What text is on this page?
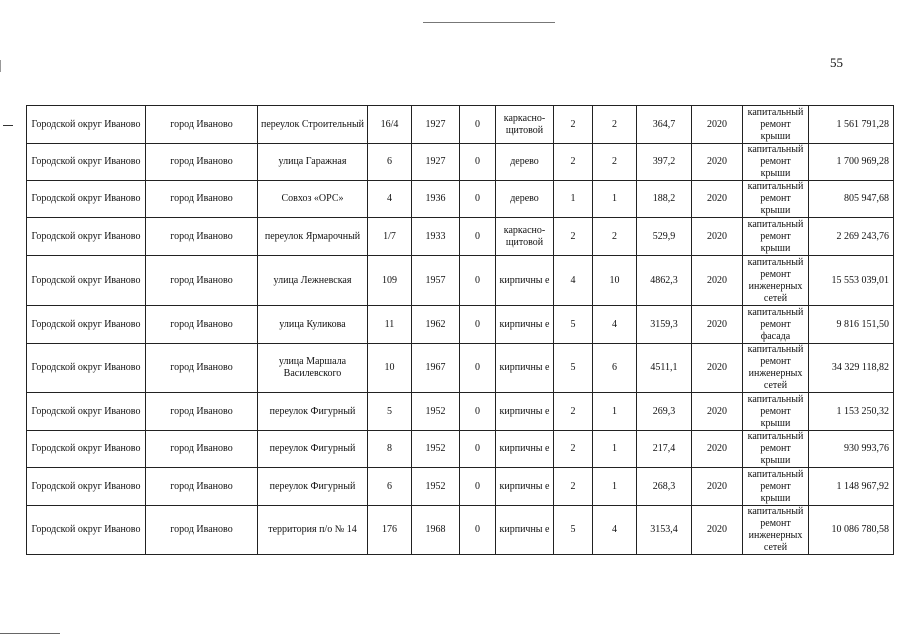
55
Городской округ Иваново	город Иваново	переулок Строительный	16/4	1927	0	каркасно-щитовой	2	2	364,7	2020	капитальный ремонт крыши	1 561 791,28
Городской округ Иваново	город Иваново	улица Гаражная	6	1927	0	дерево	2	2	397,2	2020	капитальный ремонт крыши	1 700 969,28
Городской округ Иваново	город Иваново	Совхоз «ОРС»	4	1936	0	дерево	1	1	188,2	2020	капитальный ремонт крыши	805 947,68
Городской округ Иваново	город Иваново	переулок Ярмарочный	1/7	1933	0	каркасно-щитовой	2	2	529,9	2020	капитальный ремонт крыши	2 269 243,76
Городской округ Иваново	город Иваново	улица Лежневская	109	1957	0	кирпичны е	4	10	4862,3	2020	капитальный ремонт инженерных сетей	15 553 039,01
Городской округ Иваново	город Иваново	улица Куликова	11	1962	0	кирпичны е	5	4	3159,3	2020	капитальный ремонт фасада	9 816 151,50
Городской округ Иваново	город Иваново	улица Маршала Василевского	10	1967	0	кирпичны е	5	6	4511,1	2020	капитальный ремонт инженерных сетей	34 329 118,82
Городской округ Иваново	город Иваново	переулок Фигурный	5	1952	0	кирпичны е	2	1	269,3	2020	капитальный ремонт крыши	1 153 250,32
Городской округ Иваново	город Иваново	переулок Фигурный	8	1952	0	кирпичны е	2	1	217,4	2020	капитальный ремонт крыши	930 993,76
Городской округ Иваново	город Иваново	переулок Фигурный	6	1952	0	кирпичны е	2	1	268,3	2020	капитальный ремонт крыши	1 148 967,92
Городской округ Иваново	город Иваново	территория п/о № 14	176	1968	0	кирпичны е	5	4	3153,4	2020	капитальный ремонт инженерных сетей	10 086 780,58
